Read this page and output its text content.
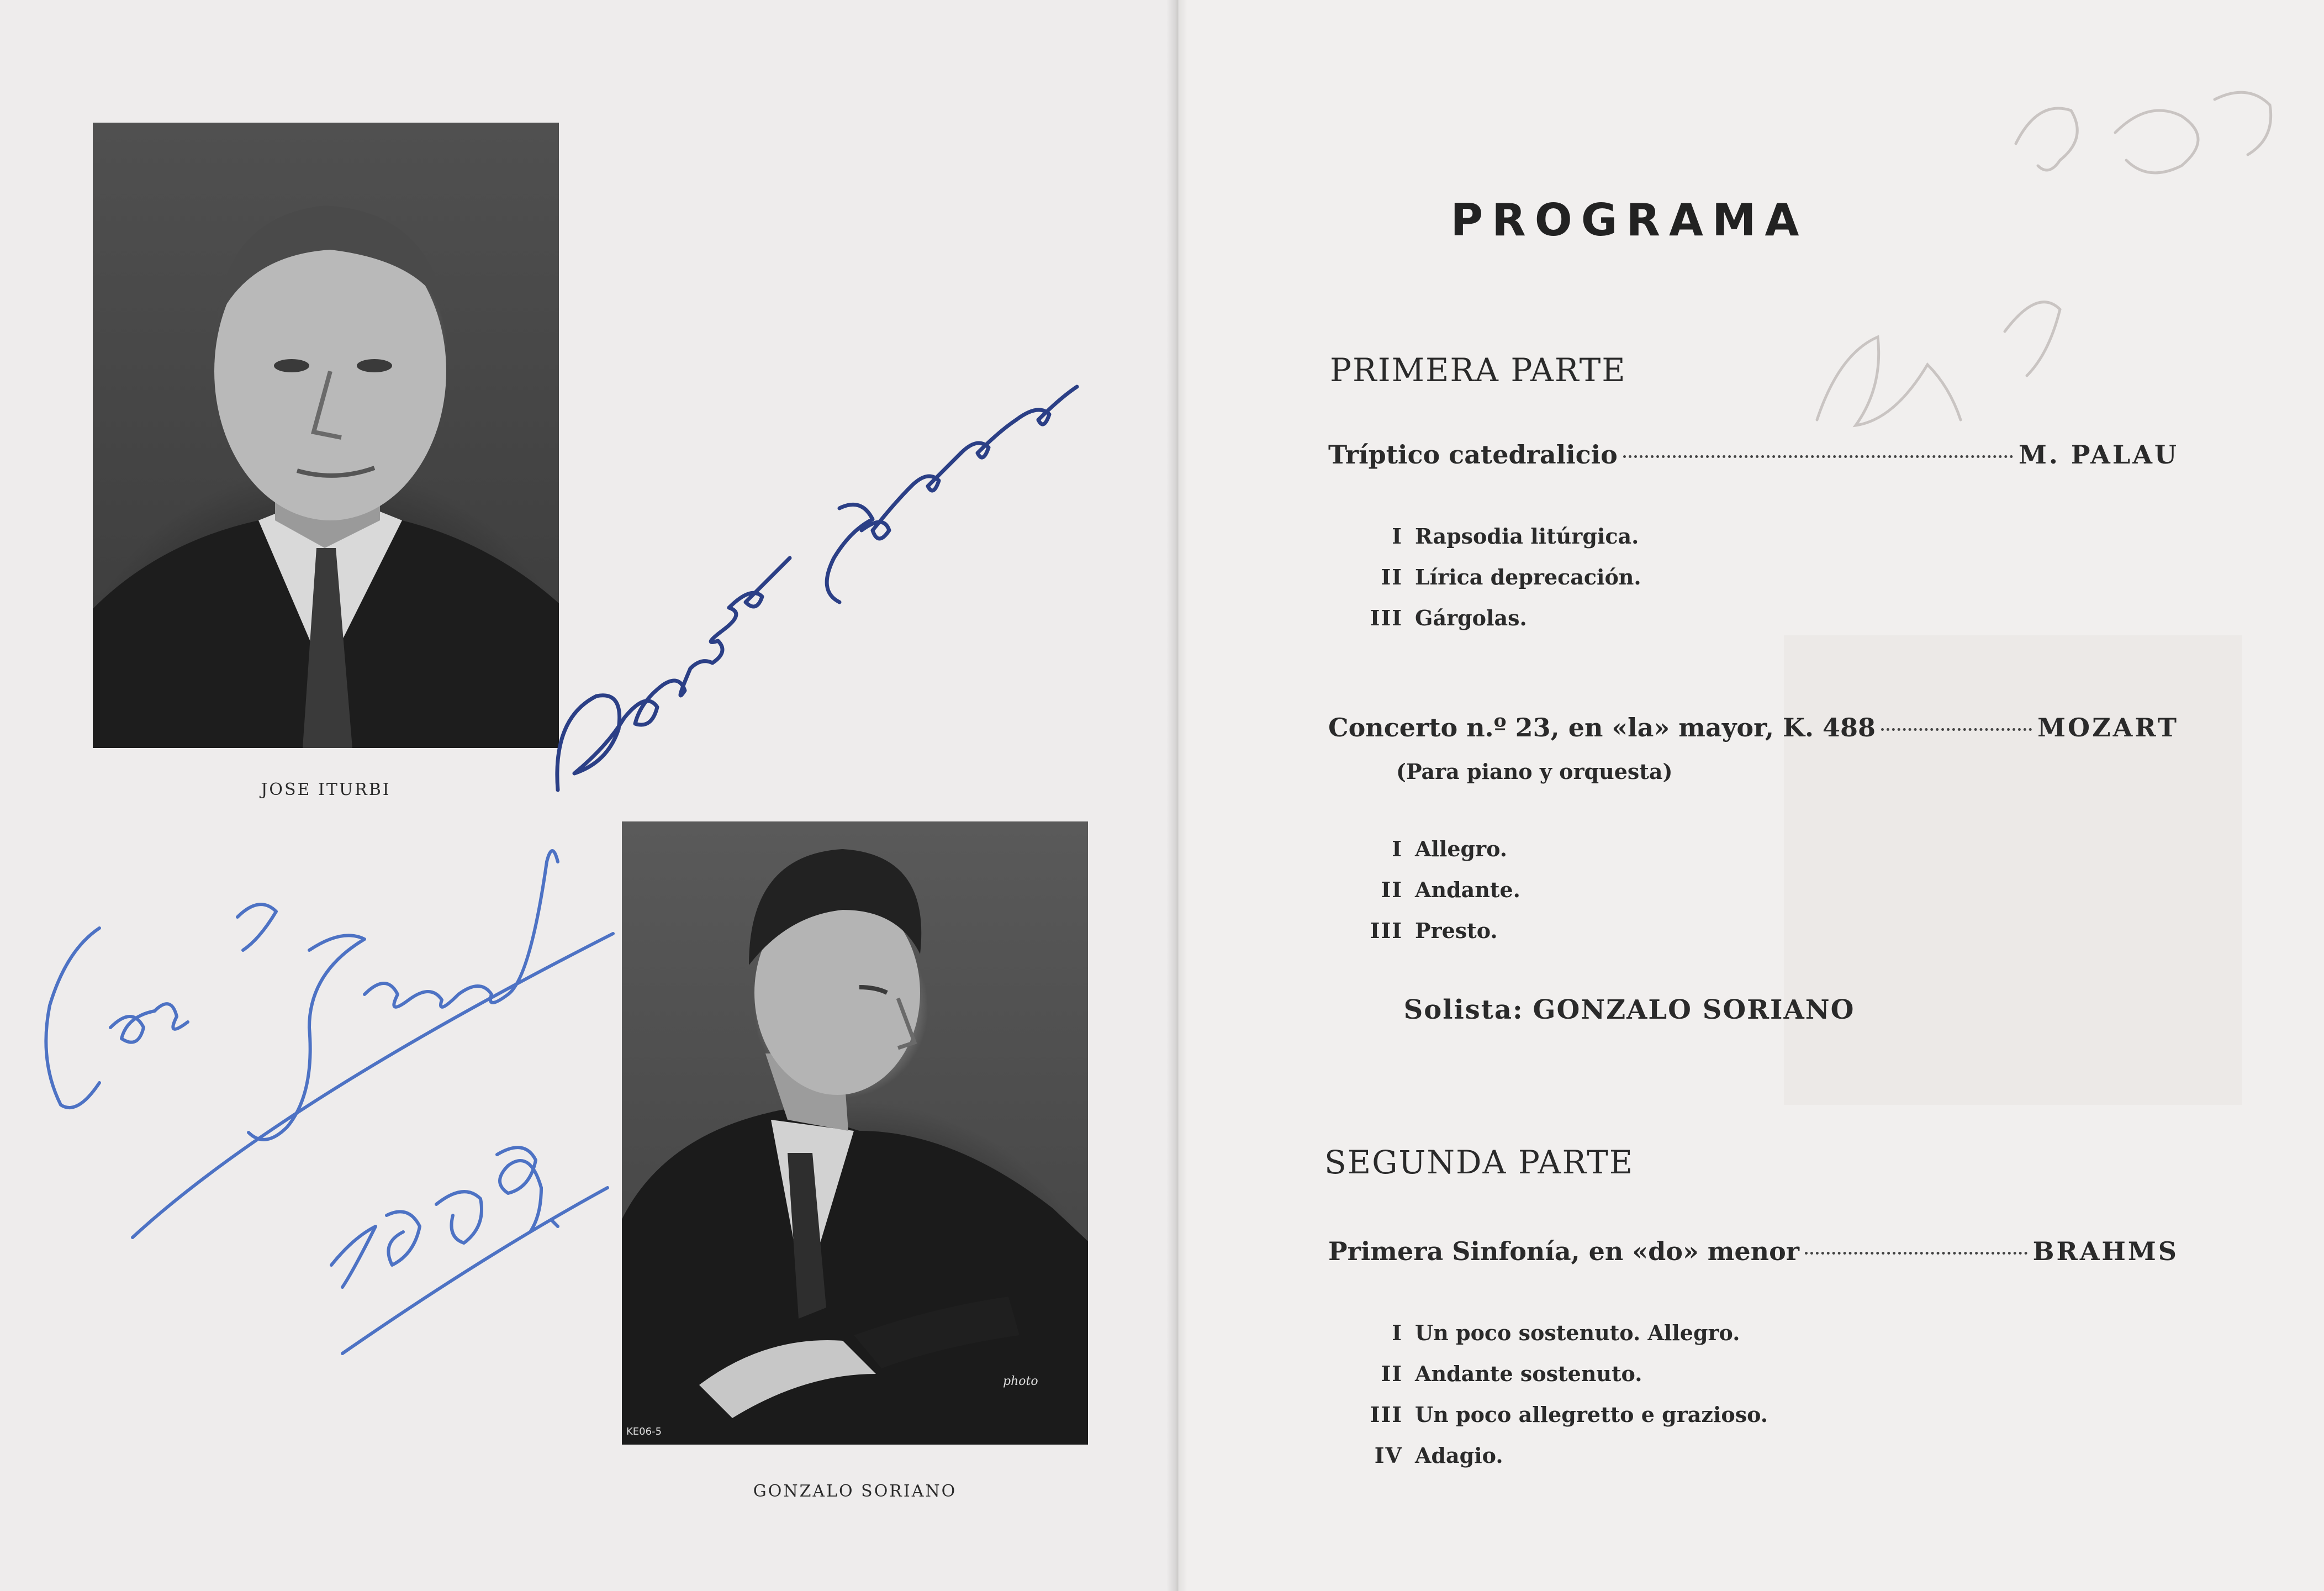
JOSE ITURBI
photo
KE06-5
GONZALO SORIANO
PROGRAMA
PRIMERA PARTE
Tríptico catedralicio	M. PALAU
I Rapsodia litúrgica.
II Lírica deprecación.
III Gárgolas.
Concerto n.º 23, en «la» mayor, K. 488	MOZART
(Para piano y orquesta)
I Allegro.
II Andante.
III Presto.
Solista: GONZALO SORIANO
SEGUNDA PARTE
Primera Sinfonía, en «do» menor	BRAHMS
I Un poco sostenuto. Allegro.
II Andante sostenuto.
III Un poco allegretto e grazioso.
IV Adagio.
